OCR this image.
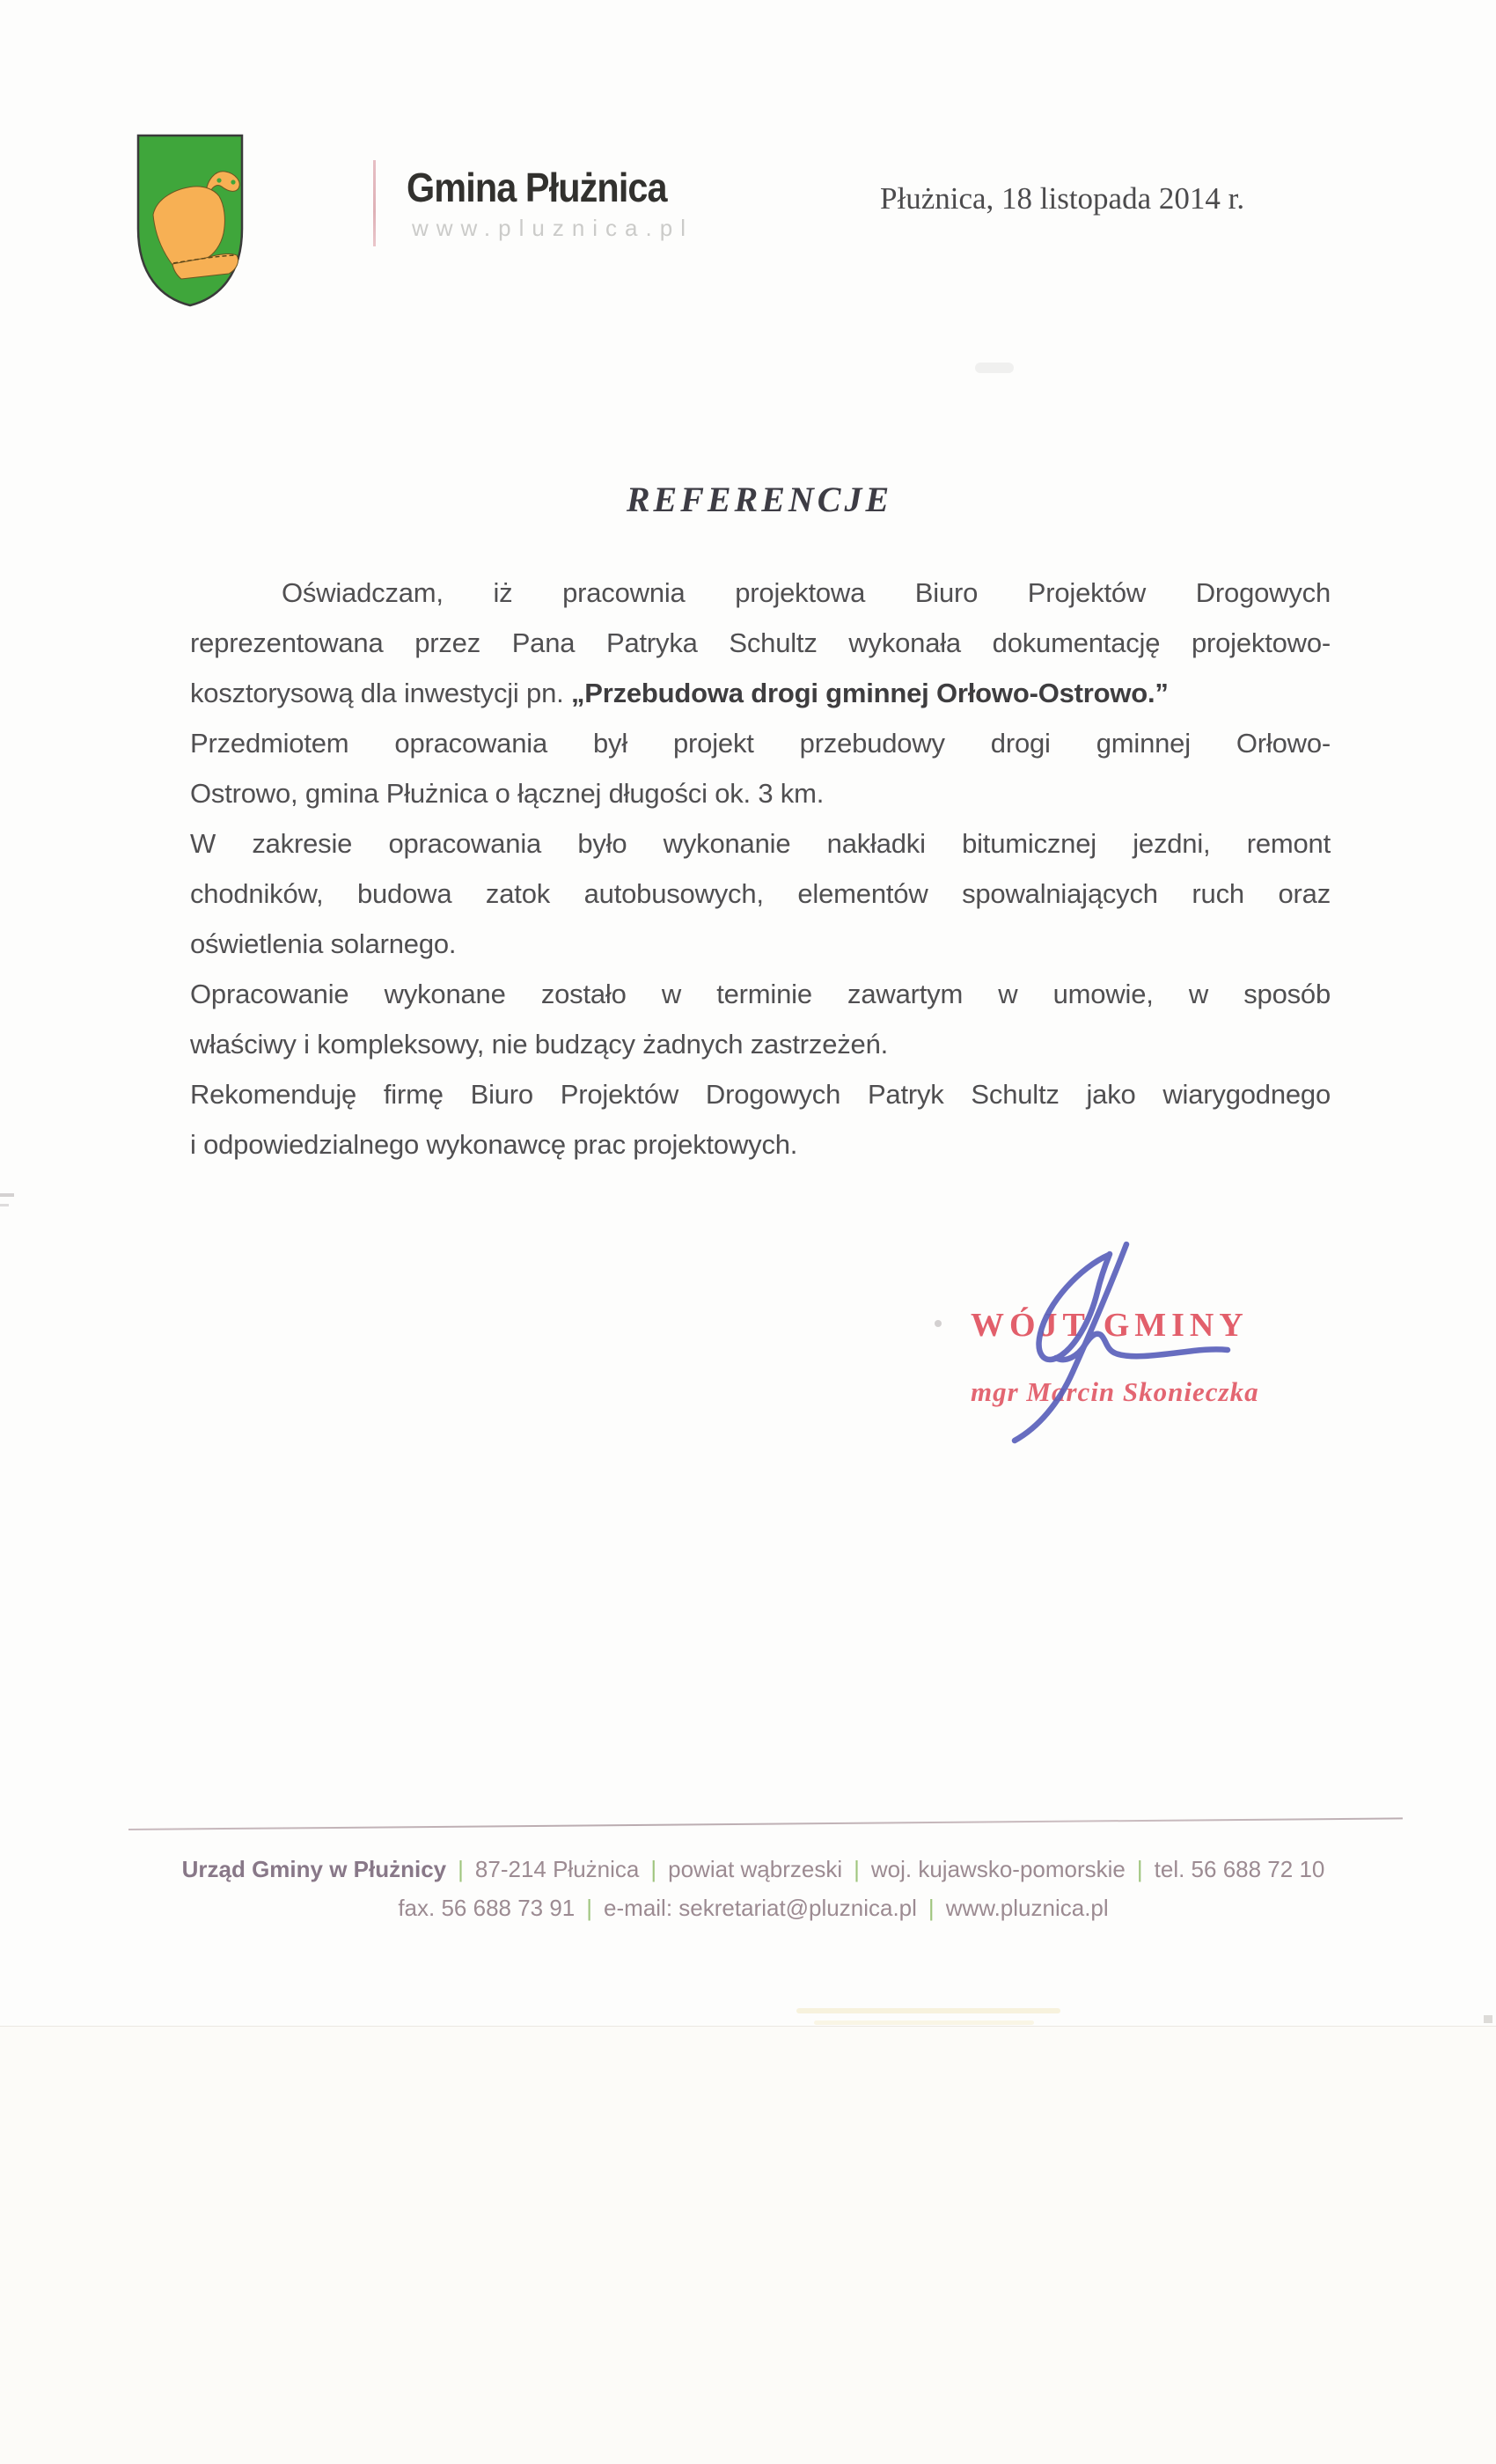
Gmina Płużnica
www.pluznica.pl
Płużnica, 18 listopada 2014 r.
REFERENCJE
Oświadczam, iż pracownia projektowa Biuro Projektów Drogowych
reprezentowana przez Pana Patryka Schultz wykonała dokumentację projektowo-
kosztorysową dla inwestycji pn. „Przebudowa drogi gminnej Orłowo-Ostrowo.”
Przedmiotem opracowania był projekt przebudowy drogi gminnej Orłowo-
Ostrowo, gmina Płużnica o łącznej długości ok. 3 km.
W zakresie opracowania było wykonanie nakładki bitumicznej jezdni, remont
chodników, budowa zatok autobusowych, elementów spowalniających ruch oraz
oświetlenia solarnego.
Opracowanie wykonane zostało w terminie zawartym w umowie, w sposób
właściwy i kompleksowy, nie budzący żadnych zastrzeżeń.
Rekomenduję firmę Biuro Projektów Drogowych Patryk Schultz jako wiarygodnego
i odpowiedzialnego wykonawcę prac projektowych.
WÓJT GMINY
mgr Marcin Skonieczka
Urząd Gminy w Płużnicy | 87-214 Płużnica | powiat wąbrzeski | woj. kujawsko-pomorskie | tel. 56 688 72 10
fax. 56 688 73 91 | e-mail: sekretariat@pluznica.pl | www.pluznica.pl
